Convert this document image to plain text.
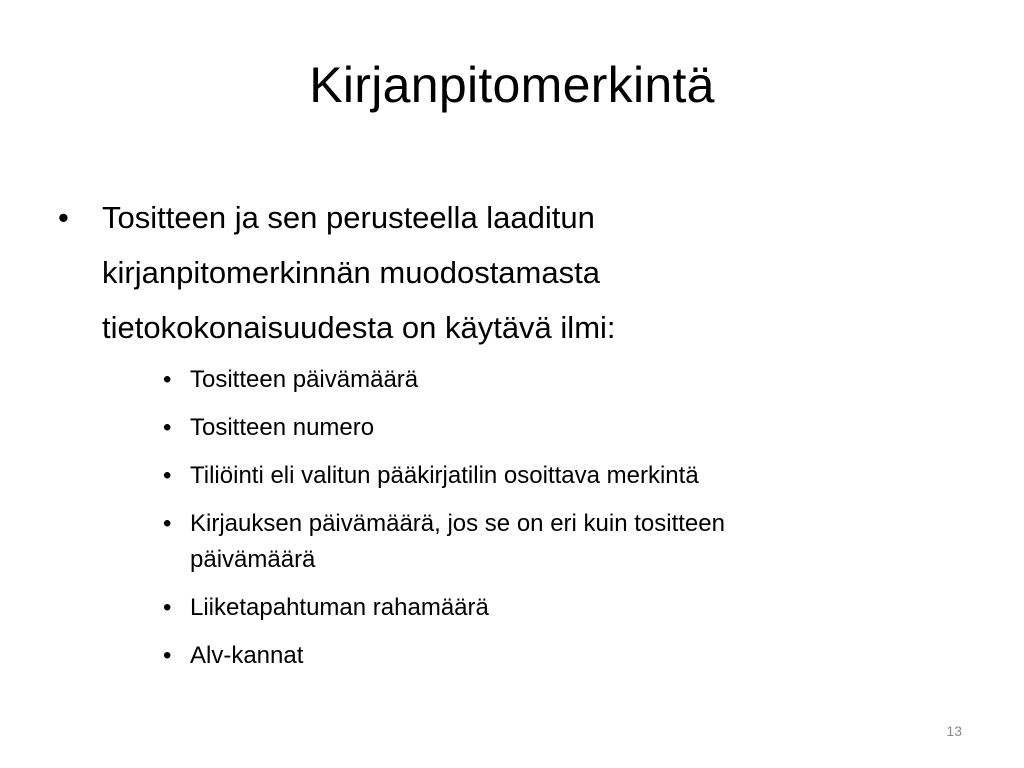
Kirjanpitomerkintä
• Tositteen ja sen perusteella laaditun
kirjanpitomerkinnän muodostamasta
tietokokonaisuudesta on käytävä ilmi:
• Tositteen päivämäärä
• Tositteen numero
• Tiliöinti eli valitun pääkirjatilin osoittava merkintä
• Kirjauksen päivämäärä, jos se on eri kuin tositteen
päivämäärä
• Liiketapahtuman rahamäärä
• Alv-kannat
13
